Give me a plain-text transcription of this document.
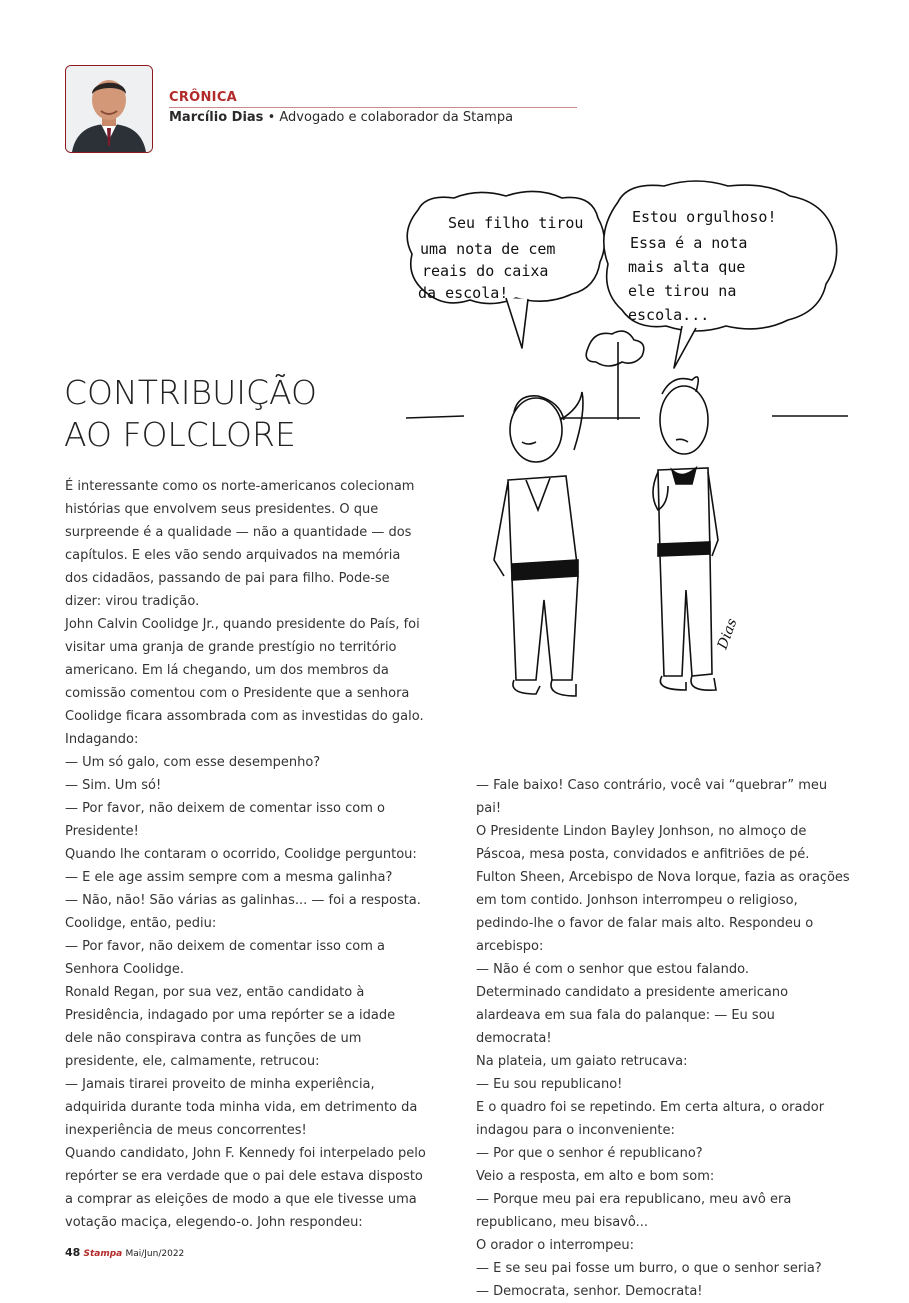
CRÔNICA
Marcílio Dias • Advogado e colaborador da Stampa
Seu filho tirou
uma nota de cem
reais do caixa
da escola!
Estou orgulhoso!
Essa é a nota
mais alta que
ele tirou na
escola...
Dias
CONTRIBUIÇÃO
AO FOLCLORE

É interessante como os norte-americanos colecionam histórias que envolvem seus presidentes. O que surpreende é a qualidade — não a quantidade — dos capítulos. E eles vão sendo arquivados na memória dos cidadãos, passando de pai para filho. Pode-se dizer: virou tradição.

John Calvin Coolidge Jr., quando presidente do País, foi visitar uma granja de grande prestígio no território americano. Em lá chegando, um dos membros da comissão comentou com o Presidente que a senhora Coolidge ficara assombrada com as investidas do galo. Indagando:

— Um só galo, com esse desempenho?

— Sim. Um só!

— Por favor, não deixem de comentar isso com o Presidente!

Quando lhe contaram o ocorrido, Coolidge perguntou:

— E ele age assim sempre com a mesma galinha?

— Não, não! São várias as galinhas... — foi a resposta.

Coolidge, então, pediu:

— Por favor, não deixem de comentar isso com a Senhora Coolidge.

Ronald Regan, por sua vez, então candidato à Presidência, indagado por uma repórter se a idade dele não conspirava contra as funções de um presidente, ele, calmamente, retrucou:

— Jamais tirarei proveito de minha experiência, adquirida durante toda minha vida, em detrimento da inexperiência de meus concorrentes!

Quando candidato, John F. Kennedy foi interpelado pelo repórter se era verdade que o pai dele estava disposto a comprar as eleições de modo a que ele tivesse uma votação maciça, elegendo-o. John respondeu:

— Fale baixo! Caso contrário, você vai “quebrar” meu pai!

O Presidente Lindon Bayley Jonhson, no almoço de Páscoa, mesa posta, convidados e anfitriões de pé. Fulton Sheen, Arcebispo de Nova Iorque, fazia as orações em tom contido. Jonhson interrompeu o religioso, pedindo-lhe o favor de falar mais alto. Respondeu o arcebispo:

— Não é com o senhor que estou falando.

Determinado candidato a presidente americano alardeava em sua fala do palanque: — Eu sou democrata!

Na plateia, um gaiato retrucava:

— Eu sou republicano!

E o quadro foi se repetindo. Em certa altura, o orador indagou para o inconveniente:

— Por que o senhor é republicano?

Veio a resposta, em alto e bom som:

— Porque meu pai era republicano, meu avô era republicano, meu bisavô...

O orador o interrompeu:

— E se seu pai fosse um burro, o que o senhor seria?

— Democrata, senhor. Democrata!

48 Stampa Mai/Jun/2022
